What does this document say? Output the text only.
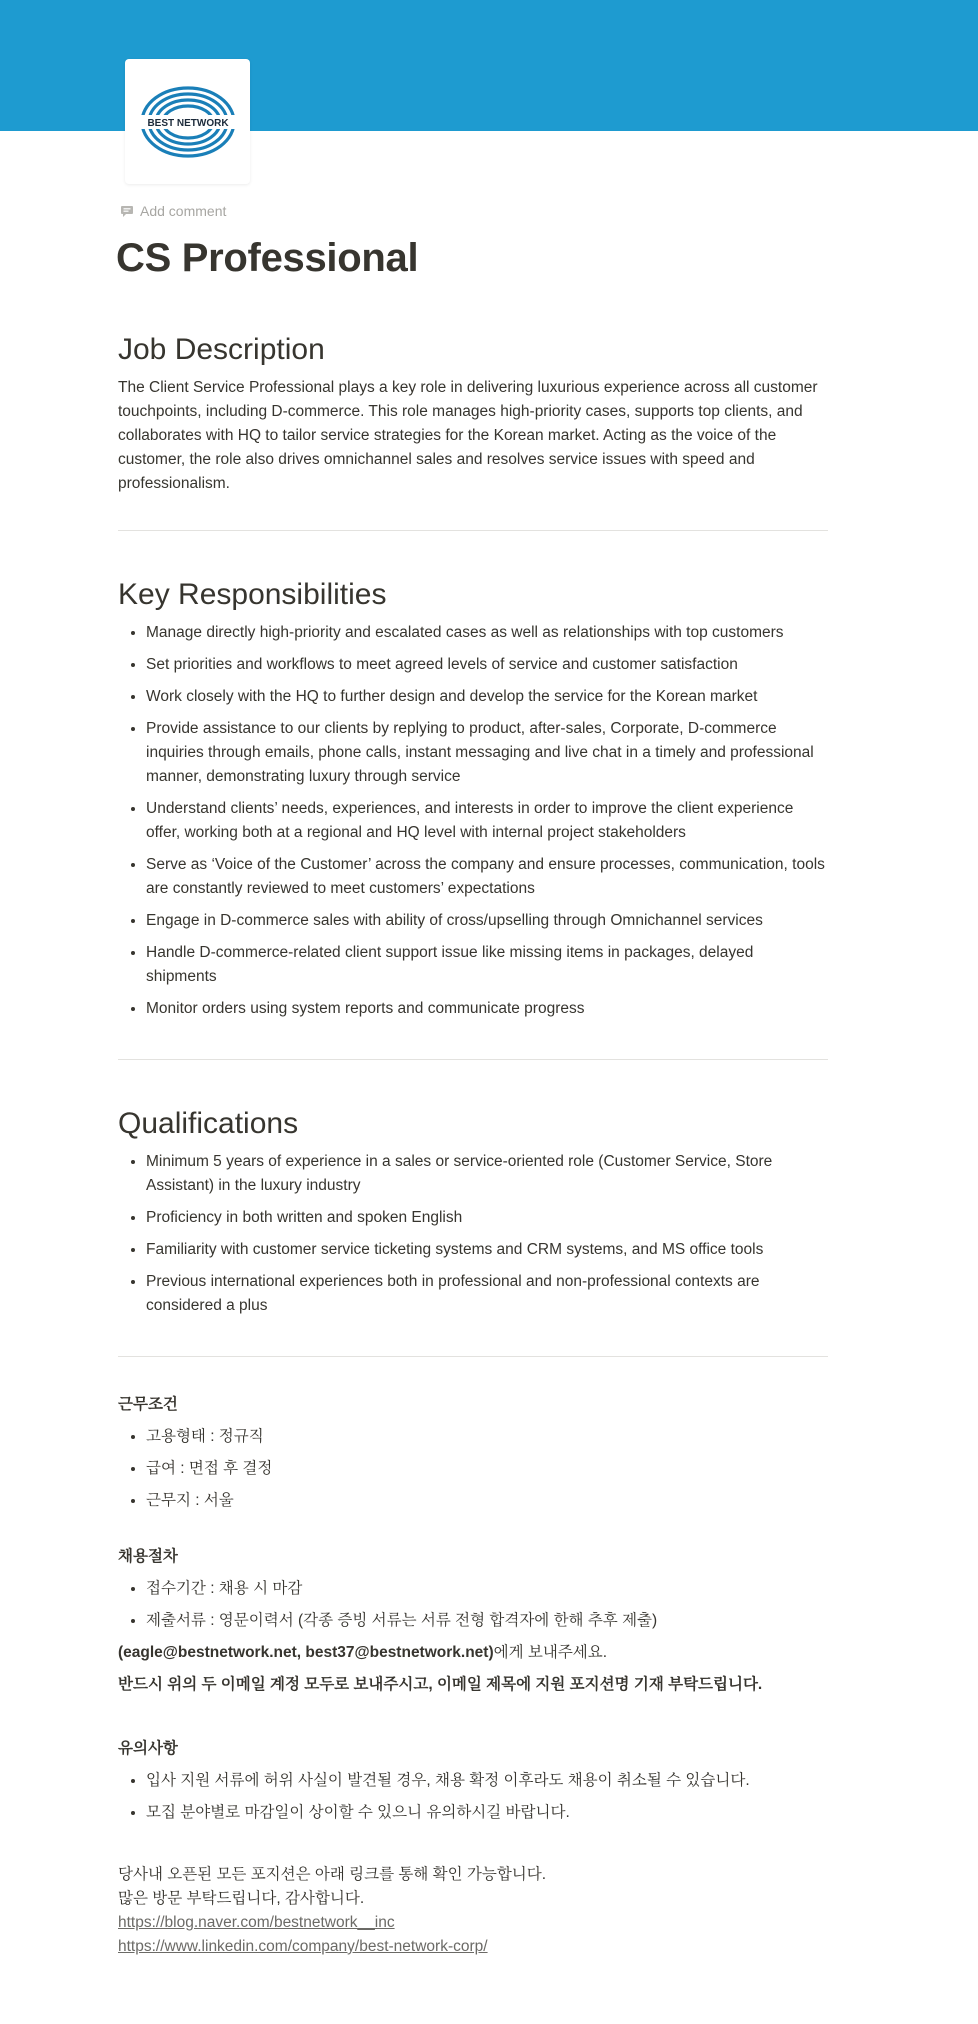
BEST NETWORK
Add comment
CS Professional
Job Description

The Client Service Professional plays a key role in delivering luxurious experience across all customer touchpoints, including D-commerce. This role manages high-priority cases, supports top clients, and collaborates with HQ to tailor service strategies for the Korean market. Acting as the voice of the customer, the role also drives omnichannel sales and resolves service issues with speed and professionalism.

Key Responsibilities
• Manage directly high-priority and escalated cases as well as relationships with top customers
• Set priorities and workflows to meet agreed levels of service and customer satisfaction
• Work closely with the HQ to further design and develop the service for the Korean market
• Provide assistance to our clients by replying to product, after-sales, Corporate, D-commerce inquiries through emails, phone calls, instant messaging and live chat in a timely and professional manner, demonstrating luxury through service
• Understand clients’ needs, experiences, and interests in order to improve the client experience offer, working both at a regional and HQ level with internal project stakeholders
• Serve as ‘Voice of the Customer’ across the company and ensure processes, communication, tools are constantly reviewed to meet customers’ expectations
• Engage in D-commerce sales with ability of cross/upselling through Omnichannel services
• Handle D-commerce-related client support issue like missing items in packages, delayed shipments
• Monitor orders using system reports and communicate progress
Qualifications
• Minimum 5 years of experience in a sales or service-oriented role (Customer Service, Store Assistant) in the luxury industry
• Proficiency in both written and spoken English
• Familiarity with customer service ticketing systems and CRM systems, and MS office tools
• Previous international experiences both in professional and non-professional contexts are considered a plus

근무조건

• 고용형태 : 정규직
• 급여 : 면접 후 결정
• 근무지 : 서울

채용절차

• 접수기간 : 채용 시 마감
• 제출서류 : 영문이력서 (각종 증빙 서류는 서류 전형 합격자에 한해 추후 제출)

(eagle@bestnetwork.net, best37@bestnetwork.net)에게 보내주세요.

반드시 위의 두 이메일 계정 모두로 보내주시고, 이메일 제목에 지원 포지션명 기재 부탁드립니다.

유의사항

• 입사 지원 서류에 허위 사실이 발견될 경우, 채용 확정 이후라도 채용이 취소될 수 있습니다.
• 모집 분야별로 마감일이 상이할 수 있으니 유의하시길 바랍니다.

당사내 오픈된 모든 포지션은 아래 링크를 통해 확인 가능합니다.

많은 방문 부탁드립니다, 감사합니다.

https://blog.naver.com/bestnetwork__inc
https://www.linkedin.com/company/best-network-corp/
